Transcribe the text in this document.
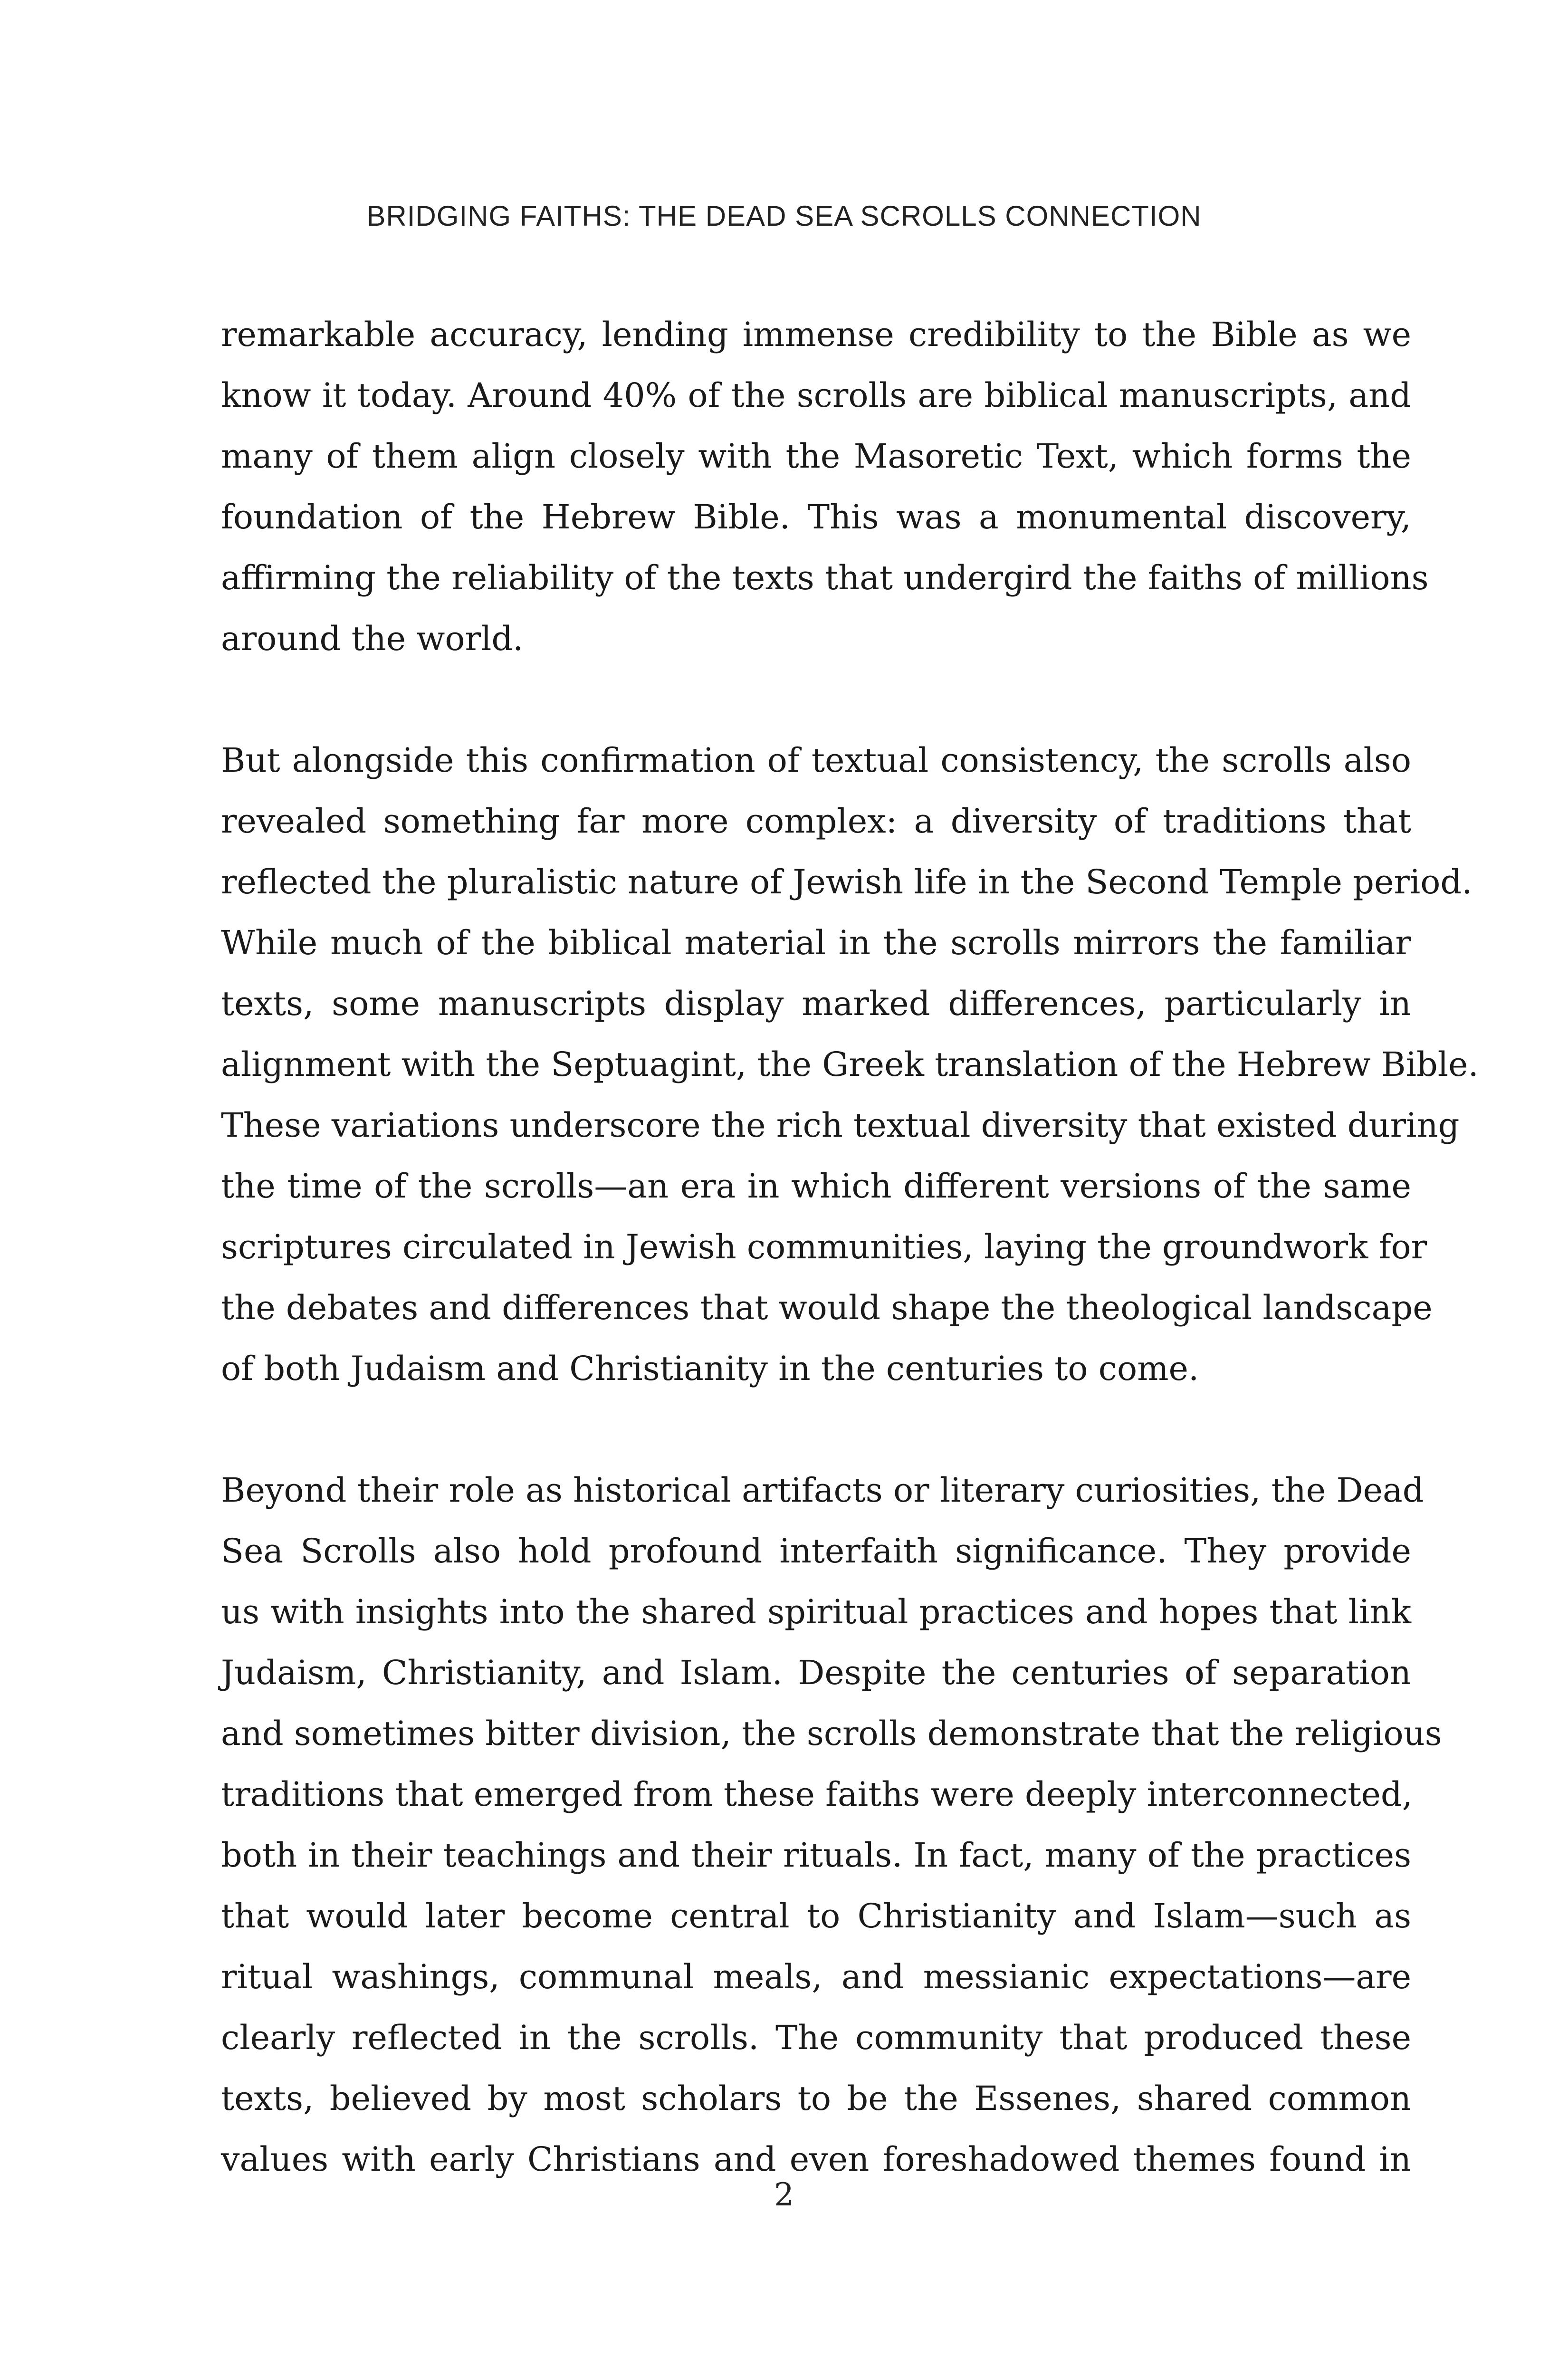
BRIDGING FAITHS: THE DEAD SEA SCROLLS CONNECTION

remarkable accuracy, lending immense credibility to the Bible as we
know it today. Around 40% of the scrolls are biblical manuscripts, and
many of them align closely with the Masoretic Text, which forms the
foundation of the Hebrew Bible. This was a monumental discovery,
affirming the reliability of the texts that undergird the faiths of millions
around the world.

But alongside this confirmation of textual consistency, the scrolls also
revealed something far more complex: a diversity of traditions that
reflected the pluralistic nature of Jewish life in the Second Temple period.
While much of the biblical material in the scrolls mirrors the familiar
texts, some manuscripts display marked differences, particularly in
alignment with the Septuagint, the Greek translation of the Hebrew Bible.
These variations underscore the rich textual diversity that existed during
the time of the scrolls—an era in which different versions of the same
scriptures circulated in Jewish communities, laying the groundwork for
the debates and differences that would shape the theological landscape
of both Judaism and Christianity in the centuries to come.

Beyond their role as historical artifacts or literary curiosities, the Dead
Sea Scrolls also hold profound interfaith significance. They provide
us with insights into the shared spiritual practices and hopes that link
Judaism, Christianity, and Islam. Despite the centuries of separation
and sometimes bitter division, the scrolls demonstrate that the religious
traditions that emerged from these faiths were deeply interconnected,
both in their teachings and their rituals. In fact, many of the practices
that would later become central to Christianity and Islam—such as
ritual washings, communal meals, and messianic expectations—are
clearly reflected in the scrolls. The community that produced these
texts, believed by most scholars to be the Essenes, shared common
values with early Christians and even foreshadowed themes found in

2
